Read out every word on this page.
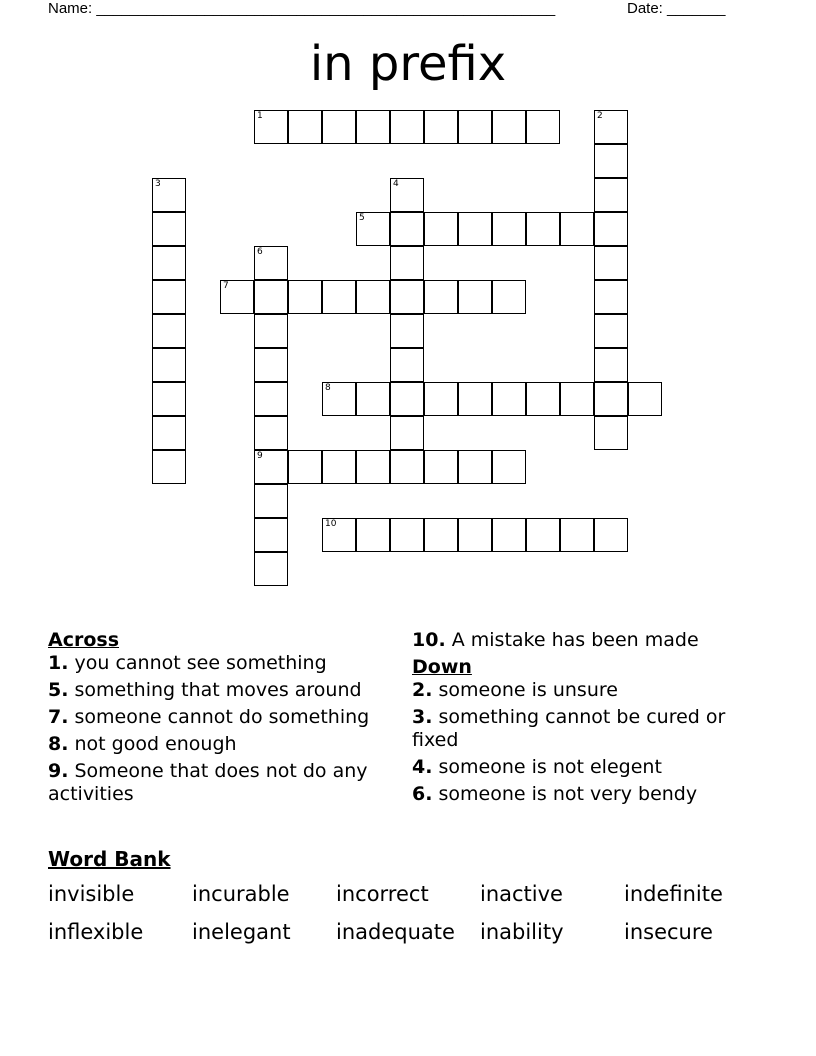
Name: _______________________________________________________	Date: _______
in prefix
1	2
3	4
5
6
9
7
8
10
Across
1. you cannot see something
5. something that moves around
7. someone cannot do something
8. not good enough
9. Someone that does not do any activities
10. A mistake has been made
Down
2. someone is unsure
3. something cannot be cured or fixed
4. someone is not elegent
6. someone is not very bendy
Word Bank
invisible	incurable	incorrect	inactive	indefinite
inflexible	inelegant	inadequate	inability	insecure
